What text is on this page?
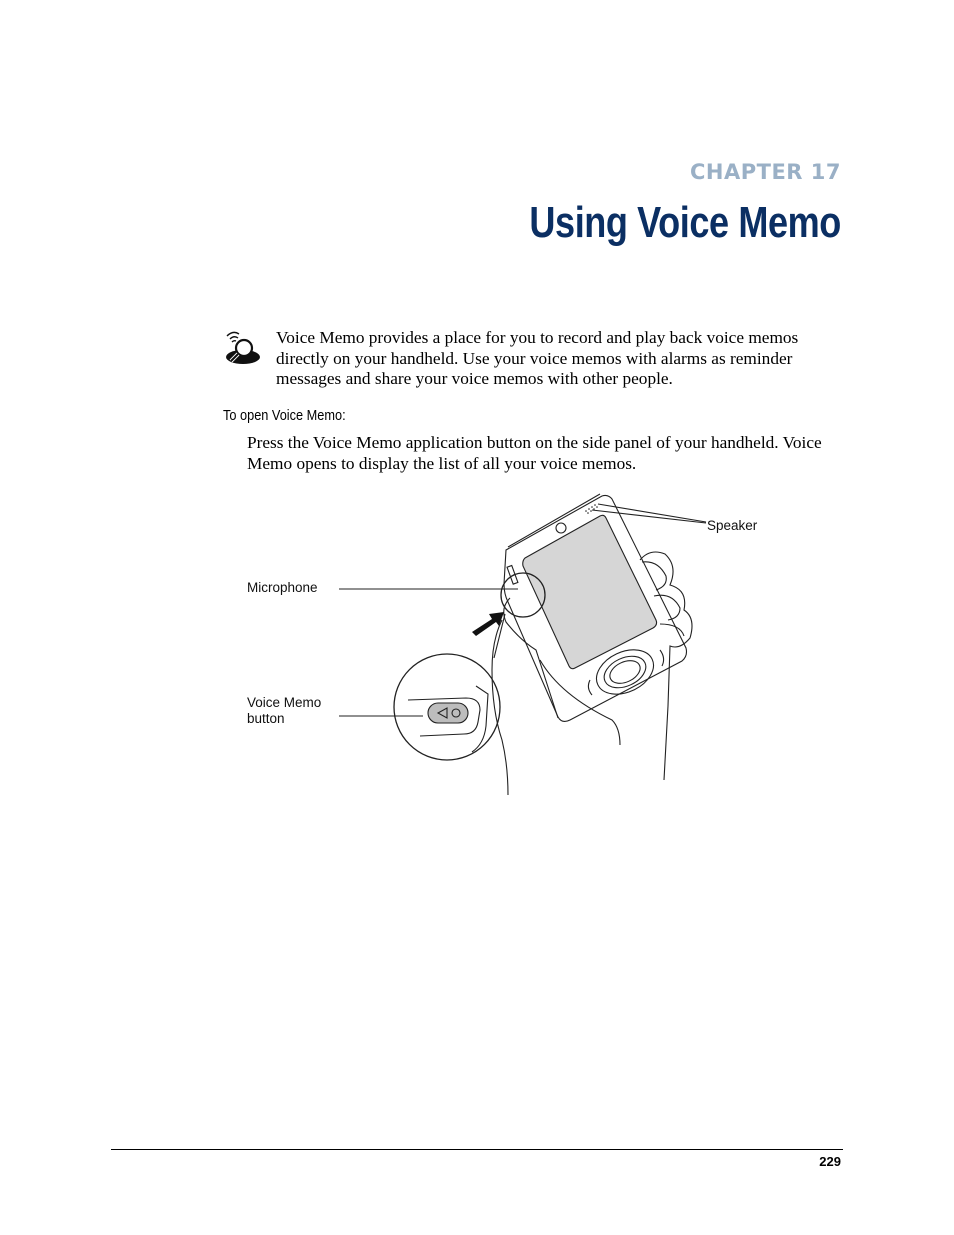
CHAPTER 17
Using Voice Memo

Voice Memo provides a place for you to record and play back voice memos directly on your handheld. Use your voice memos with alarms as reminder messages and share your voice memos with other people.

To open Voice Memo:

Press the Voice Memo application button on the side panel of your handheld. Voice Memo opens to display the list of all your voice memos.

Speaker
Microphone
Voice Memo
button
229
